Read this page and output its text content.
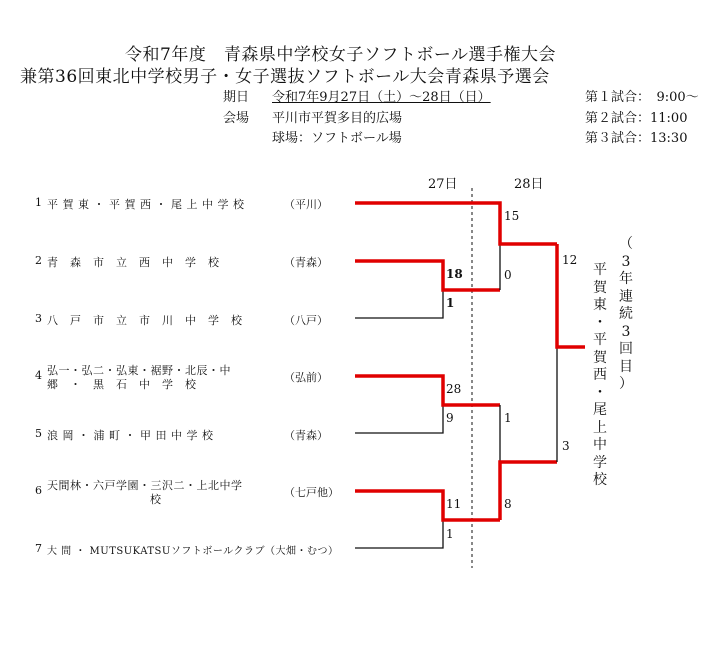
令和7年度　青森県中学校女子ソフトボール選手権大会
兼第36回東北中学校男子・女子選抜ソフトボール大会青森県予選会
期日 令和7年9月27日（土）～28日（日）
会場 平川市平賀多目的広場
球場：ソフトボール場
第１試合：　9:00～
第２試合：11:00
第３試合：13:30
27日	28日
1 平 賀 東 ・ 平 賀 西 ・ 尾 上 中 学 校	（平川）
2 青　森　市　立　西　中　学　校	（青森）
3 八　戸　市　立　市　川　中　学　校	（八戸）
4 弘一・弘二・弘東・裾野・北辰・中
郷　・　黒　石　中　学　校
（弘前）
5 浪 岡 ・ 浦 町 ・ 甲 田 中 学 校	（青森）
6 天間林・六戸学園・三沢二・上北中学
校
（七戸他）
7 大 間 ・ MUTSUKATSUソフトボールクラブ（大畑・むつ）
18
1
28
9
11
1
15
0
1
8
12
3
平
賀
東
・
平
賀
西
・
尾
上
中
学
校
（
3
年
連
続
3
回
目
）
